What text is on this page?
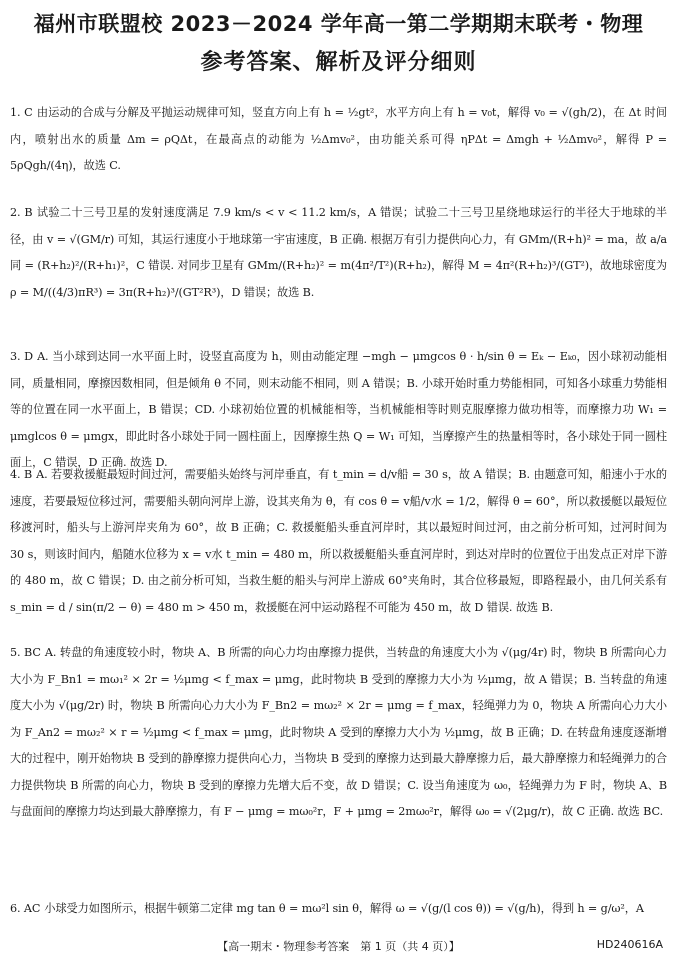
福州市联盟校 2023－2024 学年高一第二学期期末联考・物理
参考答案、解析及评分细则

1. C 由运动的合成与分解及平抛运动规律可知，竖直方向上有 h = ½gt²，水平方向上有 h = v₀t，解得 v₀ = √(gh/2)，在 Δt 时间内，喷射出水的质量 Δm = ρQΔt，在最高点的动能为 ½Δmv₀²，由功能关系可得 ηPΔt = Δmgh + ½Δmv₀²，解得 P = 5ρQgh/(4η)，故选 C.

2. B 试验二十三号卫星的发射速度满足 7.9 km/s < v < 11.2 km/s，A 错误；试验二十三号卫星绕地球运行的半径大于地球的半径，由 v = √(GM/r) 可知，其运行速度小于地球第一宇宙速度，B 正确. 根据万有引力提供向心力，有 GMm/(R+h)² = ma，故 a/a同 = (R+h₂)²/(R+h₁)²，C 错误. 对同步卫星有 GMm/(R+h₂)² = m(4π²/T²)(R+h₂)，解得 M = 4π²(R+h₂)³/(GT²)，故地球密度为 ρ = M/((4/3)πR³) = 3π(R+h₂)³/(GT²R³)，D 错误；故选 B.

3. D A. 当小球到达同一水平面上时，设竖直高度为 h，则由动能定理 −mgh − μmgcos θ · h/sin θ = Eₖ − Eₖ₀，因小球初动能相同，质量相同，摩擦因数相同，但是倾角 θ 不同，则末动能不相同，则 A 错误；B. 小球开始时重力势能相同，可知各小球重力势能相等的位置在同一水平面上，B 错误；CD. 小球初始位置的机械能相等，当机械能相等时则克服摩擦力做功相等，而摩擦力功 W₁ = μmglcos θ = μmgx，即此时各小球处于同一圆柱面上，因摩擦生热 Q = W₁ 可知，当摩擦产生的热量相等时，各小球处于同一圆柱面上，C 错误，D 正确. 故选 D.

4. B A. 若要救援艇最短时间过河，需要船头始终与河岸垂直，有 t_min = d/v船 = 30 s，故 A 错误；B. 由题意可知，船速小于水的速度，若要最短位移过河，需要船头朝向河岸上游，设其夹角为 θ，有 cos θ = v船/v水 = 1/2，解得 θ = 60°，所以救援艇以最短位移渡河时，船头与上游河岸夹角为 60°，故 B 正确；C. 救援艇船头垂直河岸时，其以最短时间过河，由之前分析可知，过河时间为 30 s，则该时间内，船随水位移为 x = v水 t_min = 480 m，所以救援艇船头垂直河岸时，到达对岸时的位置位于出发点正对岸下游的 480 m，故 C 错误；D. 由之前分析可知，当救生艇的船头与河岸上游成 60°夹角时，其合位移最短，即路程最小，由几何关系有 s_min = d / sin(π/2 − θ) = 480 m > 450 m，救援艇在河中运动路程不可能为 450 m，故 D 错误. 故选 B.

5. BC A. 转盘的角速度较小时，物块 A、B 所需的向心力均由摩擦力提供，当转盘的角速度大小为 √(μg/4r) 时，物块 B 所需向心力大小为 F_Bn1 = mω₁² × 2r = ½μmg < f_max = μmg，此时物块 B 受到的摩擦力大小为 ½μmg，故 A 错误；B. 当转盘的角速度大小为 √(μg/2r) 时，物块 B 所需向心力大小为 F_Bn2 = mω₂² × 2r = μmg = f_max，轻绳弹力为 0，物块 A 所需向心力大小为 F_An2 = mω₂² × r = ½μmg < f_max = μmg，此时物块 A 受到的摩擦力大小为 ½μmg，故 B 正确；D. 在转盘角速度逐渐增大的过程中，刚开始物块 B 受到的静摩擦力提供向心力，当物块 B 受到的摩擦力达到最大静摩擦力后，最大静摩擦力和轻绳弹力的合力提供物块 B 所需的向心力，物块 B 受到的摩擦力先增大后不变，故 D 错误；C. 设当角速度为 ω₀，轻绳弹力为 F 时，物块 A、B 与盘面间的摩擦力均达到最大静摩擦力，有 F − μmg = mω₀²r，F + μmg = 2mω₀²r，解得 ω₀ = √(2μg/r)，故 C 正确. 故选 BC.

6. AC 小球受力如图所示，根据牛顿第二定律 mg tan θ = mω²l sin θ，解得 ω = √(g/(l cos θ)) = √(g/h)，得到 h = g/ω²，A

【高一期末・物理参考答案　第 1 页（共 4 页）】	HD240616A
